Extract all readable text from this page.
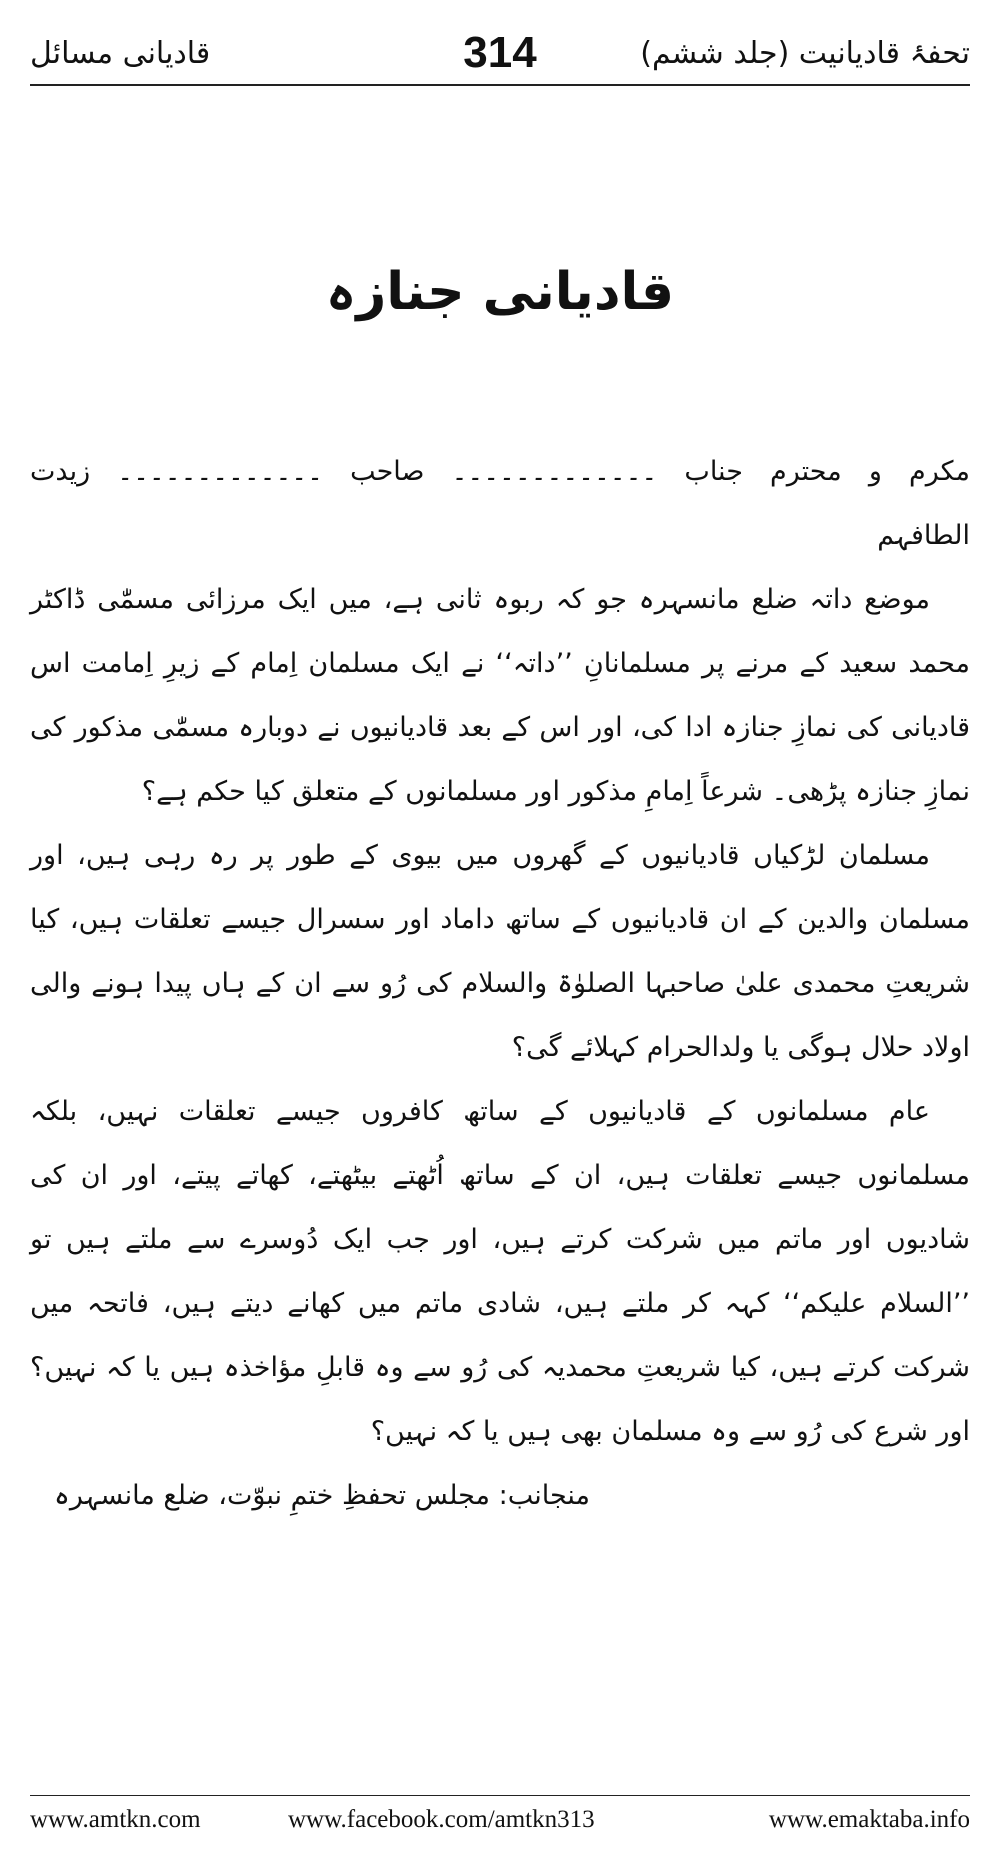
تحفۂ قادیانیت (جلد ششم)
314
قادیانی مسائل
قادیانی جنازہ

مکرم و محترم جناب ۔۔۔۔۔۔۔۔۔۔۔۔۔ صاحب ۔۔۔۔۔۔۔۔۔۔۔۔۔ زیدت

الطافہم

موضع داتہ ضلع مانسہرہ جو کہ ربوہ ثانی ہے، میں ایک مرزائی مسمّٰی ڈاکٹر محمد سعید کے مرنے پر مسلمانانِ ’’داتہ‘‘ نے ایک مسلمان اِمام کے زیرِ اِمامت اس قادیانی کی نمازِ جنازہ ادا کی، اور اس کے بعد قادیانیوں نے دوبارہ مسمّٰی مذکور کی نمازِ جنازہ پڑھی۔ شرعاً اِمامِ مذکور اور مسلمانوں کے متعلق کیا حکم ہے؟

مسلمان لڑکیاں قادیانیوں کے گھروں میں بیوی کے طور پر رہ رہی ہیں، اور مسلمان والدین کے ان قادیانیوں کے ساتھ داماد اور سسرال جیسے تعلقات ہیں، کیا شریعتِ محمدی علیٰ صاحبہا الصلوٰۃ والسلام کی رُو سے ان کے ہاں پیدا ہونے والی اولاد حلال ہوگی یا ولدالحرام کہلائے گی؟

عام مسلمانوں کے قادیانیوں کے ساتھ کافروں جیسے تعلقات نہیں، بلکہ مسلمانوں جیسے تعلقات ہیں، ان کے ساتھ اُٹھتے بیٹھتے، کھاتے پیتے، اور ان کی شادیوں اور ماتم میں شرکت کرتے ہیں، اور جب ایک دُوسرے سے ملتے ہیں تو ’’السلام علیکم‘‘ کہہ کر ملتے ہیں، شادی ماتم میں کھانے دیتے ہیں، فاتحہ میں شرکت کرتے ہیں، کیا شریعتِ محمدیہ کی رُو سے وہ قابلِ مؤاخذہ ہیں یا کہ نہیں؟ اور شرع کی رُو سے وہ مسلمان بھی ہیں یا کہ نہیں؟

منجانب: مجلس تحفظِ ختمِ نبوّت، ضلع مانسہرہ

www.amtkn.com	www.facebook.com/amtkn313	www.emaktaba.info
